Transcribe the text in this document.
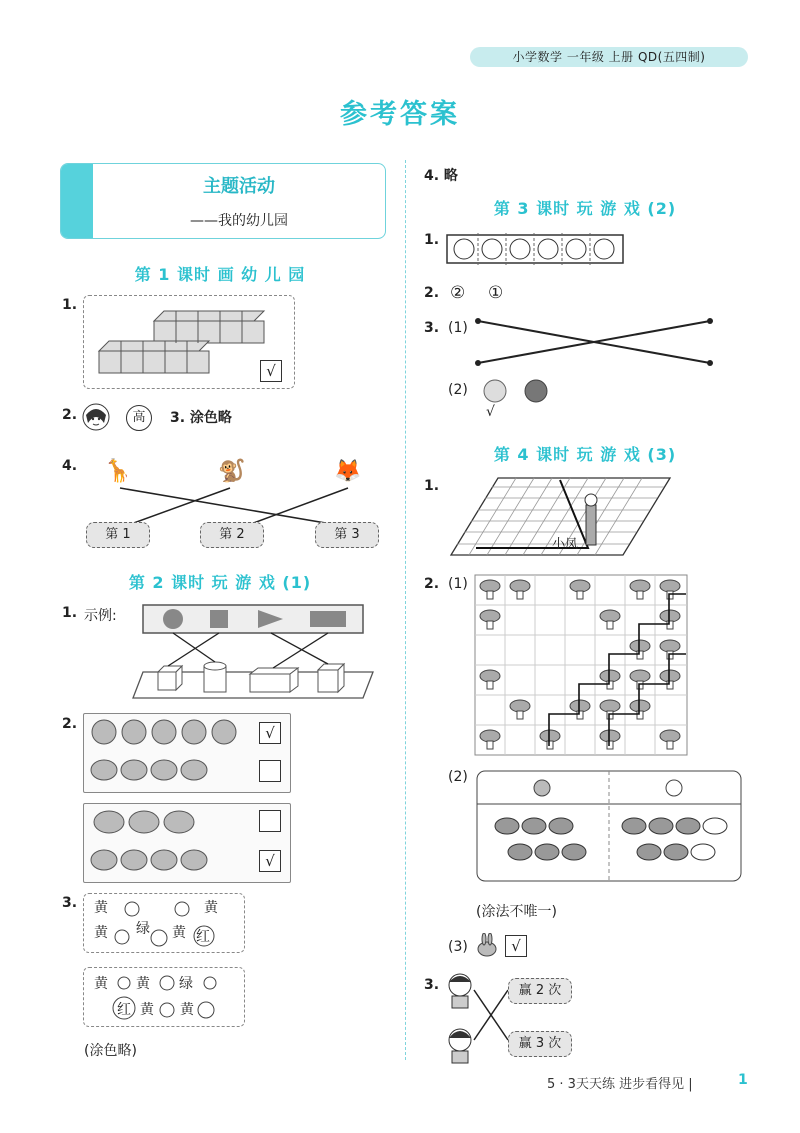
小学数学 一年级 上册 QD(五四制)
参考答案
主题活动
——我的幼儿园
第 1 课时 画 幼 儿 园
1.
√
2.	高	3. 涂色略
4. 🦒	🐒	🦊
第 1	第 2	第 3
第 2 课时 玩 游 戏 (1)
1. 示例:
2.	√
√
3. 黄	黄
黄 绿 黄 红
黄 黄 绿
红 黄 黄
(涂色略)
4. 略
第 3 课时 玩 游 戏 (2)
1.
2. ② ①
3. (1)
(2)
√
第 4 课时 玩 游 戏 (3)
1.
小凤
2. (1)
(2)
(涂法不唯一)
(3)	√
3.	赢 2 次
赢 3 次
5 · 3天天练 进步看得见 |	1
